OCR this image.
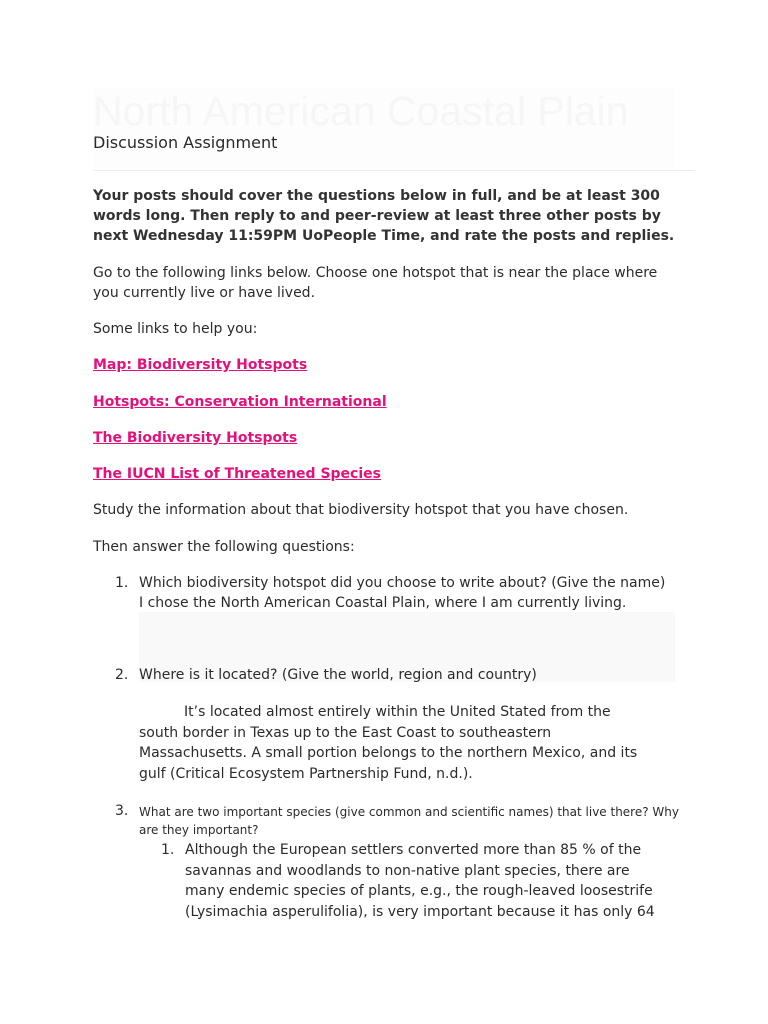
North American Coastal Plain

Discussion Assignment

Your posts should cover the questions below in full, and be at least 300 words long. Then reply to and peer-review at least three other posts by next Wednesday 11:59PM UoPeople Time, and rate the posts and replies.

Go to the following links below. Choose one hotspot that is near the place where you currently live or have lived.

Some links to help you:

Map: Biodiversity Hotspots
Hotspots: Conservation International
The Biodiversity Hotspots
The IUCN List of Threatened Species

Study the information about that biodiversity hotspot that you have chosen.

Then answer the following questions:

1. Which biodiversity hotspot did you choose to write about? (Give the name)
I chose the North American Coastal Plain, where I am currently living.
2. Where is it located? (Give the world, region and country)
It’s located almost entirely within the United Stated from the south border in Texas up to the East Coast to southeastern Massachusetts. A small portion belongs to the northern Mexico, and its gulf (Critical Ecosystem Partnership Fund, n.d.).
3. What are two important species (give common and scientific names) that live there? Why are they important?
1. Although the European settlers converted more than 85 % of the savannas and woodlands to non-native plant species, there are many endemic species of plants, e.g., the rough-leaved loosestrife (Lysimachia asperulifolia), is very important because it has only 64
